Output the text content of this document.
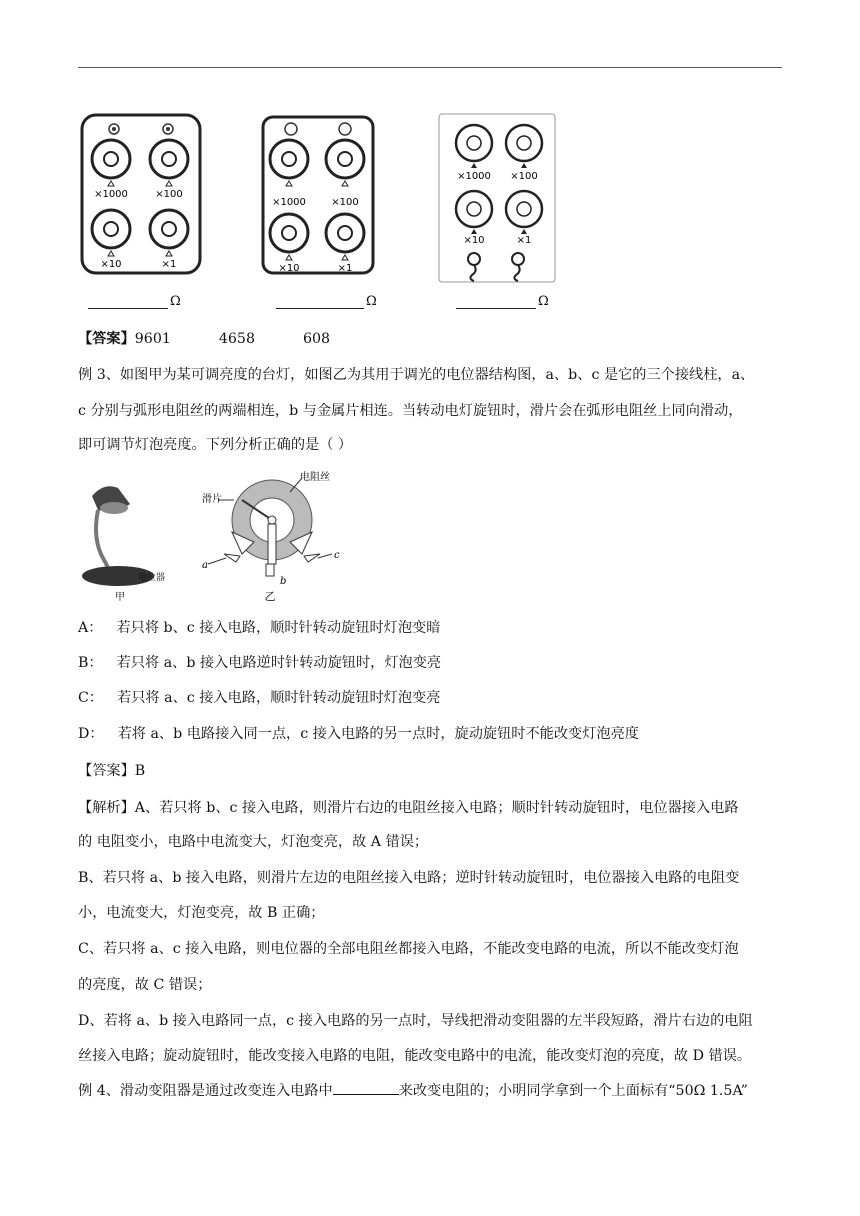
×1000	×100
×10	×1
×1000	×100
×10	×1
×1000 ×100
×10	×1
Ω	Ω	Ω
【答案】9601	4658	608
例 3、如图甲为某可调亮度的台灯，如图乙为其用于调光的电位器结构图，a、b、c 是它的三个接线柱，a、
c 分别与弧形电阻丝的两端相连，b 与金属片相连。当转动电灯旋钮时，滑片会在弧形电阻丝上同向滑动，
即可调节灯泡亮度。下列分析正确的是（ ）
电位器
甲
电阻丝
滑片
a
b
c
乙
A： 若只将 b、c 接入电路，顺时针转动旋钮时灯泡变暗
B： 若只将 a、b 接入电路逆时针转动旋钮时，灯泡变亮
C： 若只将 a、c 接入电路，顺时针转动旋钮时灯泡变亮
D： 若将 a、b 电路接入同一点，c 接入电路的另一点时，旋动旋钮时不能改变灯泡亮度
【答案】B
【解析】A、若只将 b、c 接入电路，则滑片右边的电阻丝接入电路；顺时针转动旋钮时，电位器接入电路
的 电阻变小，电路中电流变大，灯泡变亮，故 A 错误；
B、若只将 a、b 接入电路，则滑片左边的电阻丝接入电路；逆时针转动旋钮时，电位器接入电路的电阻变
小，电流变大，灯泡变亮，故 B 正确；
C、若只将 a、c 接入电路，则电位器的全部电阻丝都接入电路，不能改变电路的电流，所以不能改变灯泡
的亮度，故 C 错误；
D、若将 a、b 接入电路同一点，c 接入电路的另一点时，导线把滑动变阻器的左半段短路，滑片右边的电阻
丝接入电路；旋动旋钮时，能改变接入电路的电阻，能改变电路中的电流，能改变灯泡的亮度，故 D 错误。
例 4、滑动变阻器是通过改变连入电路中	来改变电阻的；小明同学拿到一个上面标有“50Ω 1.5A”
